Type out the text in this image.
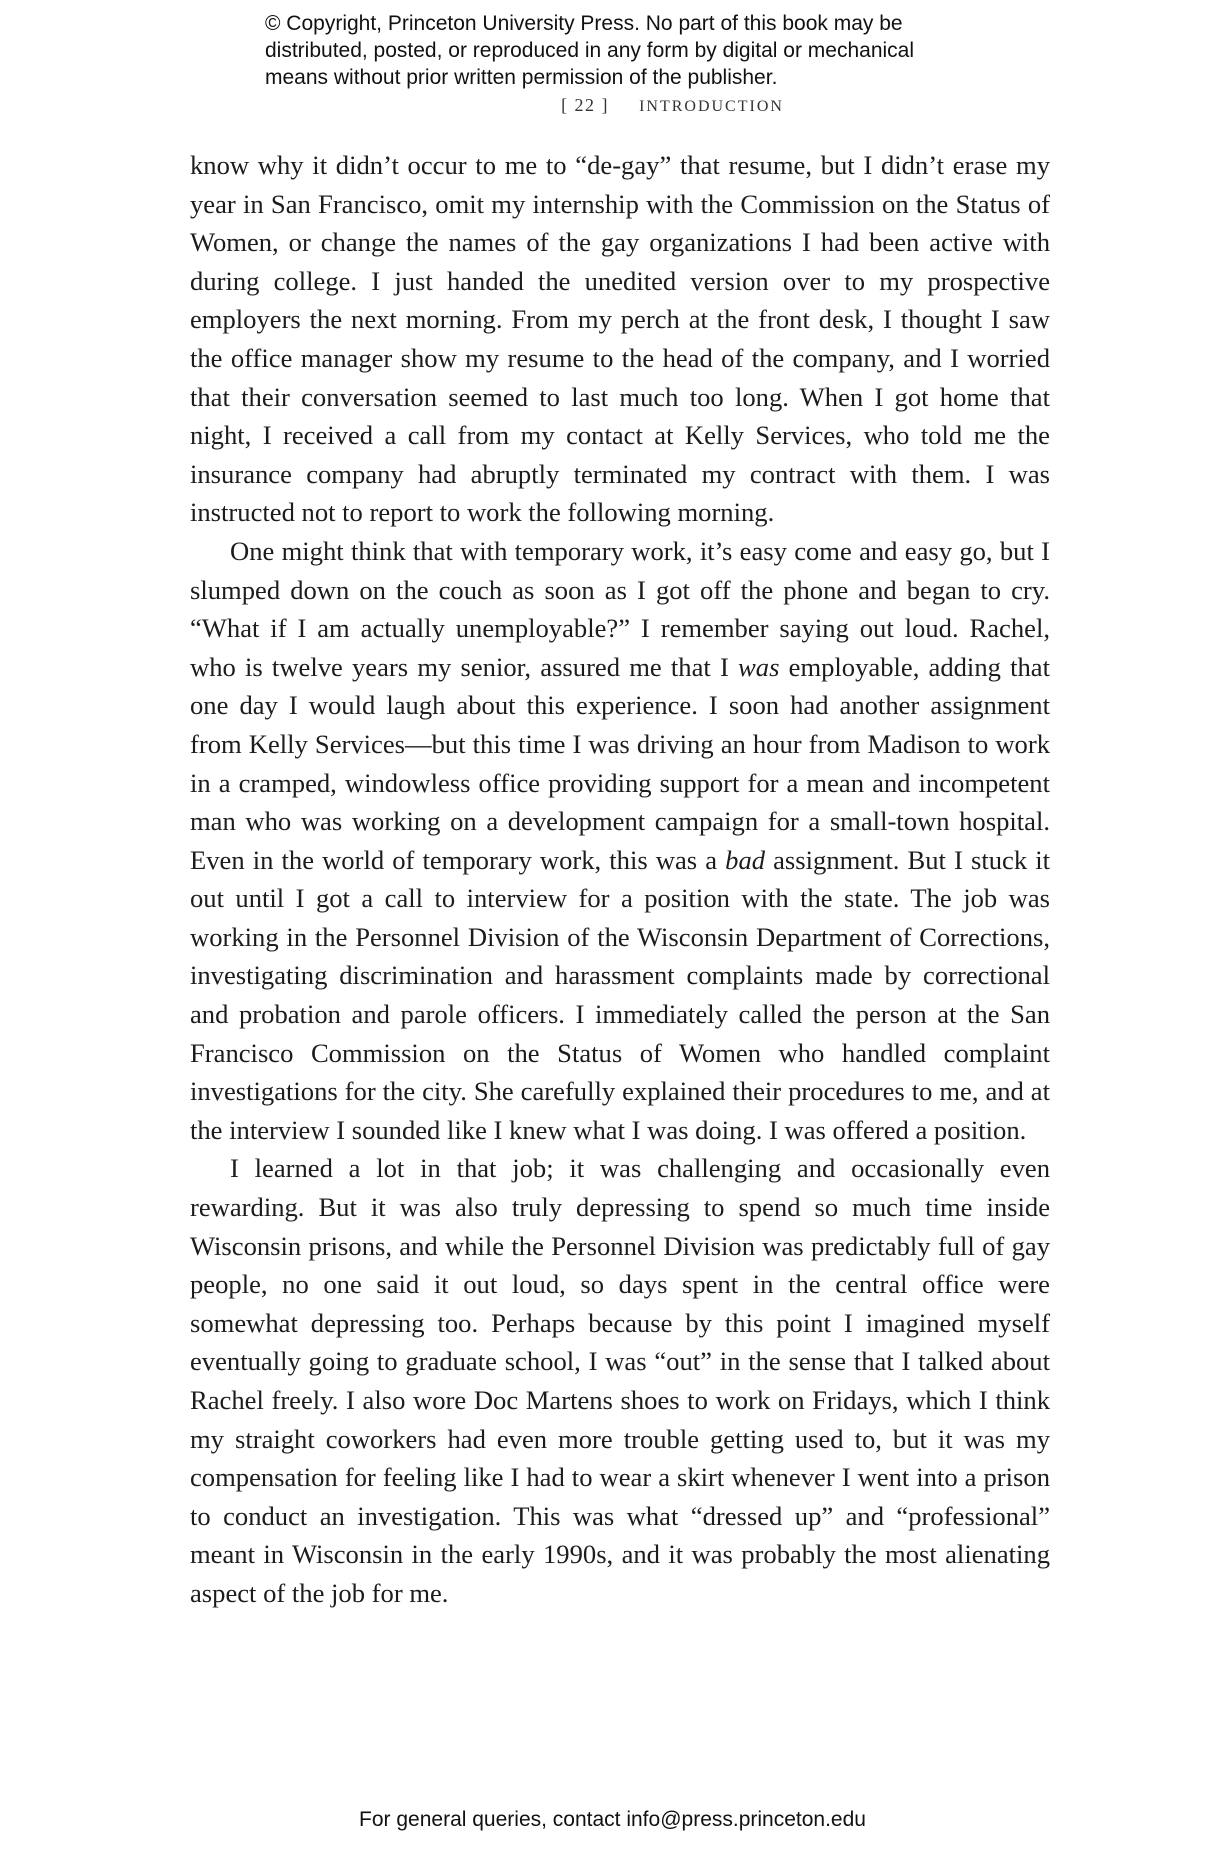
© Copyright, Princeton University Press. No part of this book may be
distributed, posted, or reproduced in any form by digital or mechanical
means without prior written permission of the publisher.
[ 22 ] INTRODUCTION

know why it didn’t occur to me to “de-gay” that resume, but I didn’t erase my year in San Francisco, omit my internship with the Commission on the Status of Women, or change the names of the gay organizations I had been active with during college. I just handed the unedited version over to my prospective employers the next morning. From my perch at the front desk, I thought I saw the office manager show my resume to the head of the company, and I worried that their conversation seemed to last much too long. When I got home that night, I received a call from my contact at Kelly Services, who told me the insurance company had abruptly terminated my contract with them. I was instructed not to report to work the following morning.

One might think that with temporary work, it’s easy come and easy go, but I slumped down on the couch as soon as I got off the phone and began to cry. “What if I am actually unemployable?” I remember saying out loud. Rachel, who is twelve years my senior, assured me that I was employable, adding that one day I would laugh about this experience. I soon had another assignment from Kelly Services—but this time I was driving an hour from Madison to work in a cramped, windowless office providing support for a mean and incompetent man who was working on a development campaign for a small-town hospital. Even in the world of temporary work, this was a bad assignment. But I stuck it out until I got a call to interview for a position with the state. The job was working in the Personnel Division of the Wisconsin Department of Corrections, investigating discrimination and harassment complaints made by correctional and probation and parole officers. I immediately called the person at the San Francisco Commission on the Status of Women who handled complaint investigations for the city. She carefully explained their procedures to me, and at the interview I sounded like I knew what I was doing. I was offered a position.

I learned a lot in that job; it was challenging and occasionally even rewarding. But it was also truly depressing to spend so much time inside Wisconsin prisons, and while the Personnel Division was predictably full of gay people, no one said it out loud, so days spent in the central office were somewhat depressing too. Perhaps because by this point I imagined myself eventually going to graduate school, I was “out” in the sense that I talked about Rachel freely. I also wore Doc Martens shoes to work on Fridays, which I think my straight coworkers had even more trouble getting used to, but it was my compensation for feeling like I had to wear a skirt whenever I went into a prison to conduct an investigation. This was what “dressed up” and “professional” meant in Wisconsin in the early 1990s, and it was probably the most alienating aspect of the job for me.

For general queries, contact info@press.princeton.edu
